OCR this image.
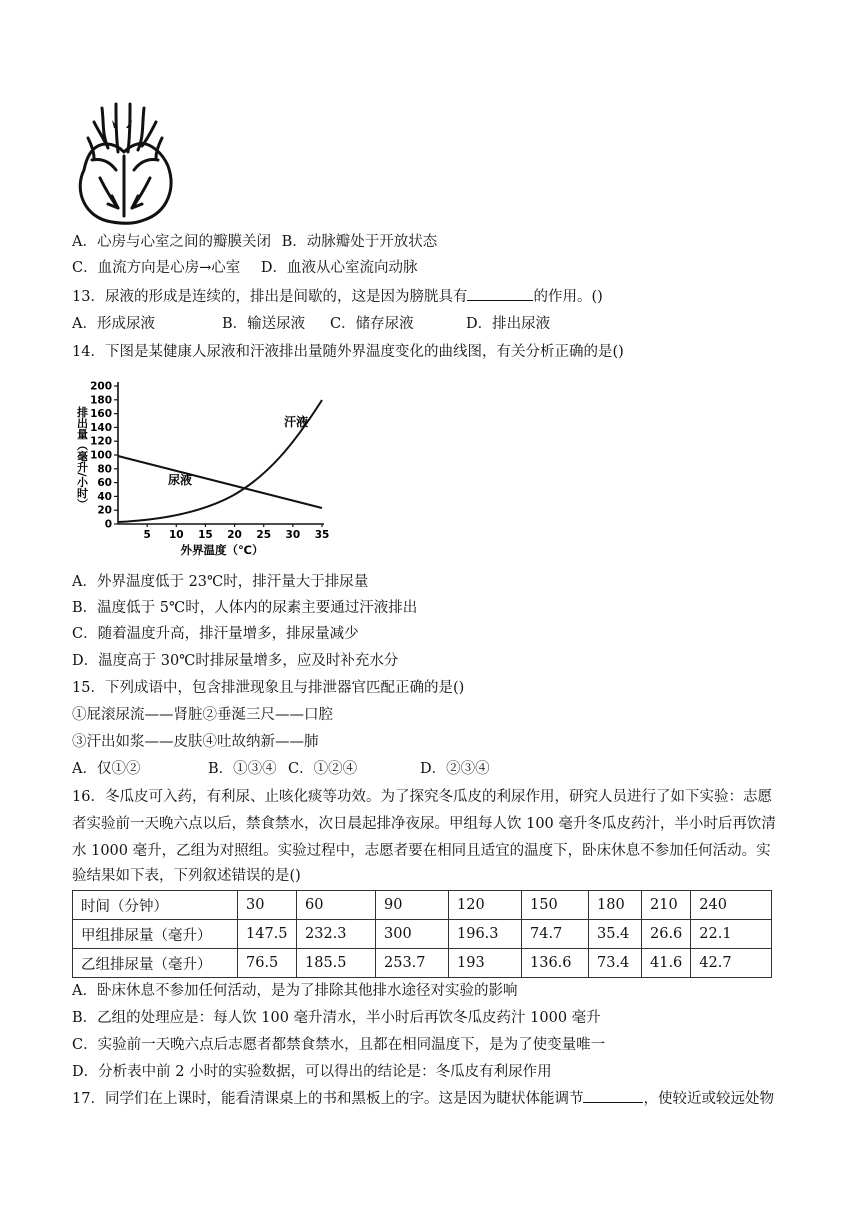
A．心房与心室之间的瓣膜关闭 B．动脉瓣处于开放状态
C．血流方向是心房→心室 D．血液从心室流向动脉
13．尿液的形成是连续的，排出是间歇的，这是因为膀胱具有	的作用。()
A．形成尿液	B．输送尿液 C．储存尿液	D．排出尿液
14．下图是某健康人尿液和汗液排出量随外界温度变化的曲线图，有关分析正确的是()
0
20
40
60
80
100
120
140
160
180
200
5 10 15 20 25 30 35
排出量（毫升/小时）
外界温度（℃）
汗液
尿液
A．外界温度低于 23℃时，排汗量大于排尿量
B．温度低于 5℃时，人体内的尿素主要通过汗液排出
C．随着温度升高，排汗量增多，排尿量减少
D．温度高于 30℃时排尿量增多，应及时补充水分
15．下列成语中，包含排泄现象且与排泄器官匹配正确的是()
①屁滚尿流——肾脏②垂涎三尺——口腔
③汗出如浆——皮肤④吐故纳新——肺
A．仅①②	B．①③④ C．①②④	D．②③④
16．冬瓜皮可入药，有利尿、止咳化痰等功效。为了探究冬瓜皮的利尿作用，研究人员进行了如下实验：志愿
者实验前一天晚六点以后，禁食禁水，次日晨起排净夜尿。甲组每人饮 100 毫升冬瓜皮药汁，半小时后再饮清
水 1000 毫升，乙组为对照组。实验过程中，志愿者要在相同且适宜的温度下，卧床休息不参加任何活动。实
验结果如下表，下列叙述错误的是()
时间（分钟）	30	60	90	120	150	180	210	240
甲组排尿量（毫升）	147.5	232.3	300	196.3	74.7	35.4	26.6	22.1
乙组排尿量（毫升）	76.5	185.5	253.7	193	136.6	73.4	41.6	42.7
A．卧床休息不参加任何活动，是为了排除其他排水途径对实验的影响
B．乙组的处理应是：每人饮 100 毫升清水，半小时后再饮冬瓜皮药汁 1000 毫升
C．实验前一天晚六点后志愿者都禁食禁水，且都在相同温度下，是为了使变量唯一
D．分析表中前 2 小时的实验数据，可以得出的结论是：冬瓜皮有利尿作用
17．同学们在上课时，能看清课桌上的书和黑板上的字。这是因为睫状体能调节	，使较近或较远处物
